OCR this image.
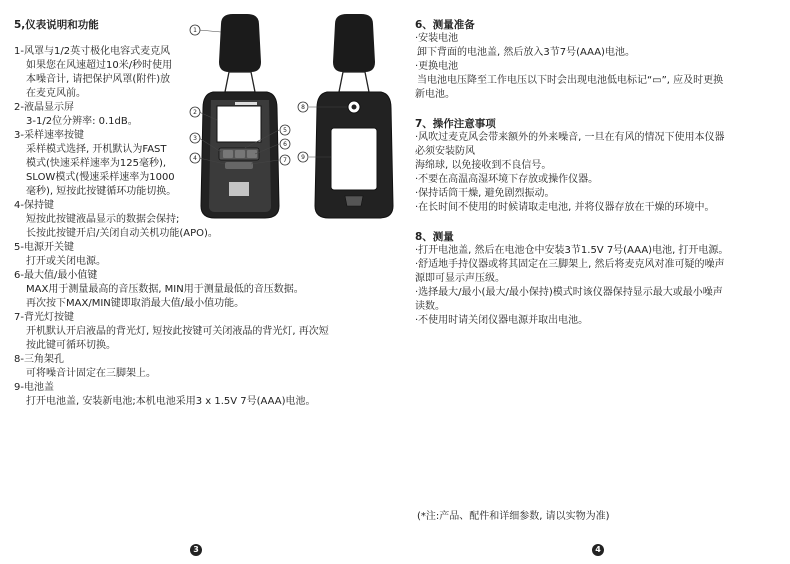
5,仪表说明和功能
1-风罩与1/2英寸极化电容式麦克风
如果您在风速超过10米/秒时使用
本噪音计, 请把保护风罩(附件)放
在麦克风前。
2-液晶显示屏
3-1/2位分辨率: 0.1dB。
3-采样速率按键
采样模式选择, 开机默认为FAST
模式(快速采样速率为125毫秒),
SLOW模式(慢速采样速率为1000
毫秒), 短按此按键循环功能切换。
4-保持键
短按此按键液晶显示的数据会保持;
长按此按键开启/关闭自动关机功能(APO)。
5-电源开关键
打开或关闭电源。
6-最大值/最小值键
MAX用于测量最高的音压数据, MIN用于测量最低的音压数据。
再次按下MAX/MIN键即取消最大值/最小值功能。
7-背光灯按键
开机默认开启液晶的背光灯, 短按此按键可关闭液晶的背光灯, 再次短
按此键可循环切换。
8-三角架孔
可将噪音计固定在三脚架上。
9-电池盖
打开电池盖, 安装新电池;本机电池采用3 x 1.5V 7号(AAA)电池。
1
2
3
4
5
6
7
8
9
3
6、测量准备
·安装电池
卸下背面的电池盖, 然后放入3节7号(AAA)电池。
·更换电池
当电池电压降至工作电压以下时会出现电池低电标记“▭”, 应及时更换
新电池。
7、操作注意事项
·风吹过麦克风会带来额外的外来噪音, 一旦在有风的情况下使用本仪器
必须安装防风
海绵球, 以免接收到不良信号。
·不要在高温高湿环境下存放或操作仪器。
·保持话筒干燥, 避免剧烈振动。
·在长时间不使用的时候请取走电池, 并将仪器存放在干燥的环境中。
8、测量
·打开电池盖, 然后在电池仓中安装3节1.5V 7号(AAA)电池, 打开电源。
·舒适地手持仪器或将其固定在三脚架上, 然后将麦克风对准可疑的噪声
源即可显示声压级。
·选择最大/最小(最大/最小保持)模式时该仪器保持显示最大或最小噪声
读数。
·不使用时请关闭仪器电源并取出电池。
(*注:产品、配件和详细参数, 请以实物为准)
4
